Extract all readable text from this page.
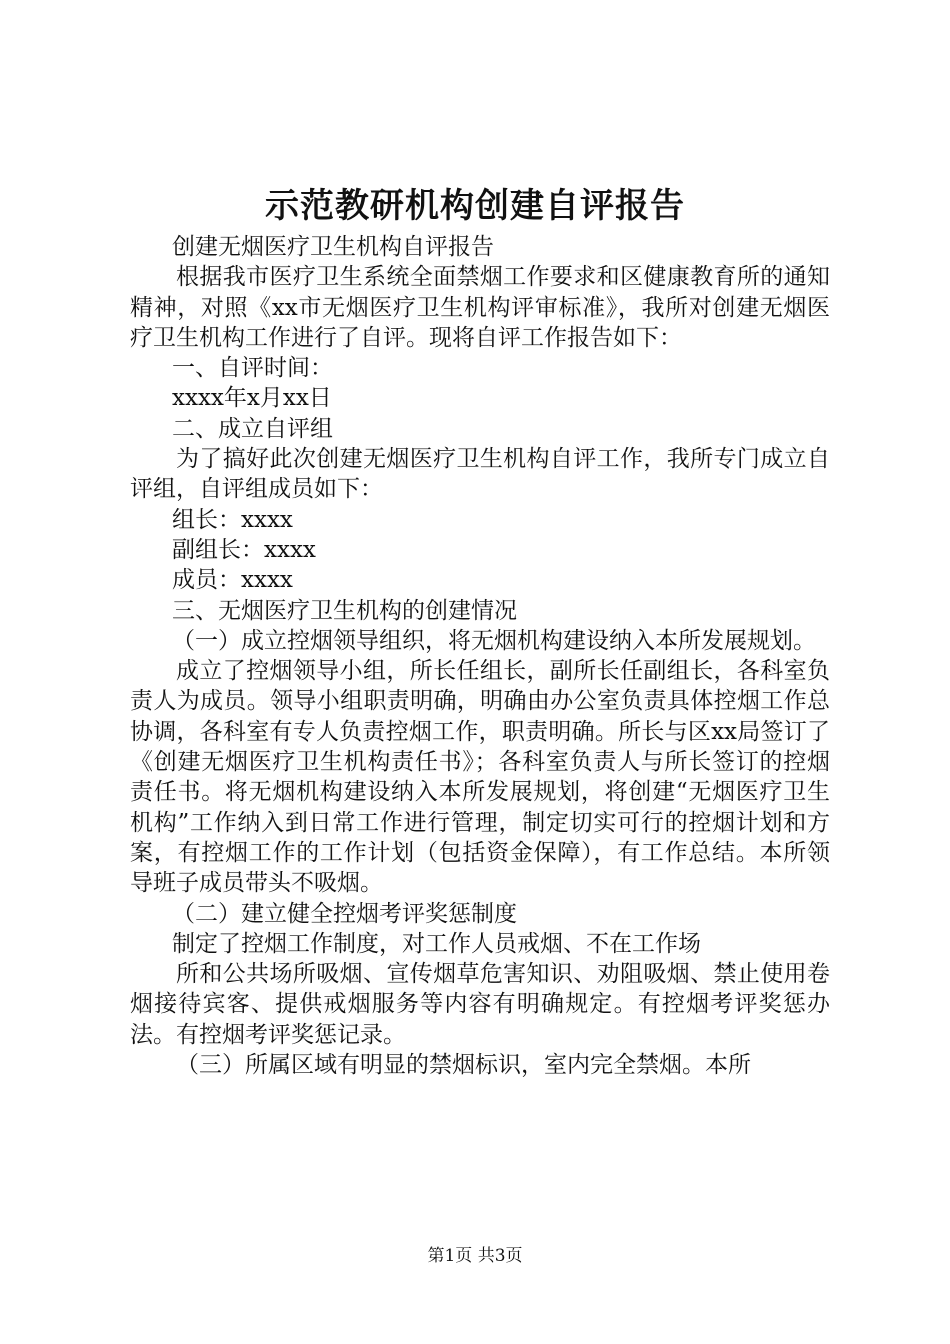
示范教研机构创建自评报告

创建无烟医疗卫生机构自评报告

根据我市医疗卫生系统全面禁烟工作要求和区健康教育所的通知精神，对照《xx市无烟医疗卫生机构评审标准》，我所对创建无烟医疗卫生机构工作进行了自评。现将自评工作报告如下：

一、自评时间：

xxxx年x月xx日

二、成立自评组

为了搞好此次创建无烟医疗卫生机构自评工作，我所专门成立自评组，自评组成员如下：

组长：xxxx

副组长：xxxx

成员：xxxx

三、无烟医疗卫生机构的创建情况

（一）成立控烟领导组织，将无烟机构建设纳入本所发展规划。

成立了控烟领导小组，所长任组长，副所长任副组长，各科室负责人为成员。领导小组职责明确，明确由办公室负责具体控烟工作总协调，各科室有专人负责控烟工作，职责明确。所长与区xx局签订了《创建无烟医疗卫生机构责任书》；各科室负责人与所长签订的控烟责任书。将无烟机构建设纳入本所发展规划，将创建“无烟医疗卫生机构”工作纳入到日常工作进行管理，制定切实可行的控烟计划和方案，有控烟工作的工作计划（包括资金保障），有工作总结。本所领导班子成员带头不吸烟。

（二）建立健全控烟考评奖惩制度

制定了控烟工作制度，对工作人员戒烟、不在工作场

所和公共场所吸烟、宣传烟草危害知识、劝阻吸烟、禁止使用卷烟接待宾客、提供戒烟服务等内容有明确规定。有控烟考评奖惩办法。有控烟考评奖惩记录。

（三）所属区域有明显的禁烟标识，室内完全禁烟。本所

第1页 共3页
